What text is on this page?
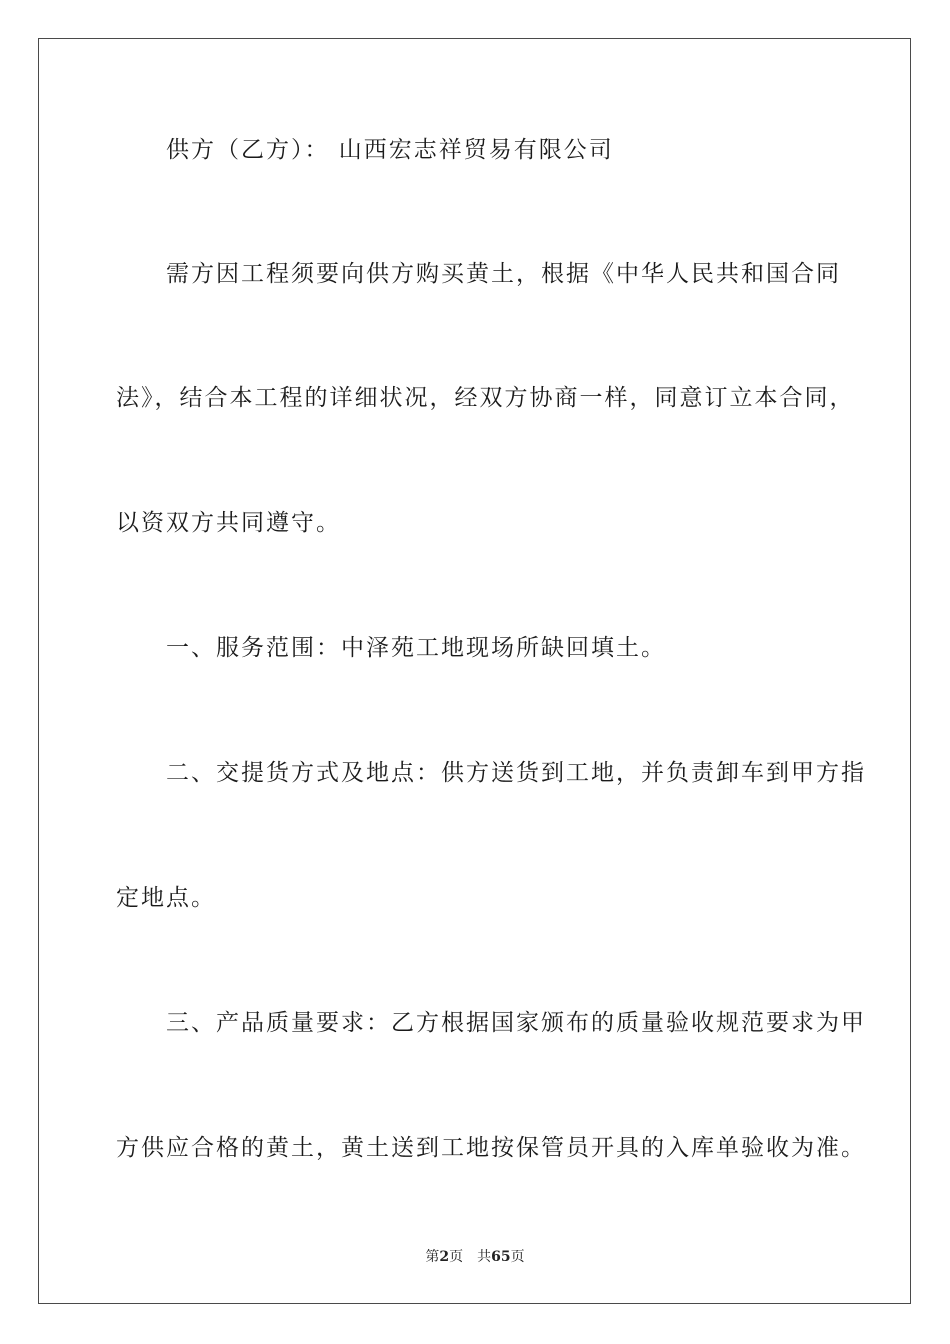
供方（乙方）： 山西宏志祥贸易有限公司
需方因工程须要向供方购买黄土，根据《中华人民共和国合同
法》，结合本工程的详细状况，经双方协商一样，同意订立本合同，
以资双方共同遵守。
一、服务范围：中泽苑工地现场所缺回填土。
二、交提货方式及地点：供方送货到工地，并负责卸车到甲方指
定地点。
三、产品质量要求：乙方根据国家颁布的质量验收规范要求为甲
方供应合格的黄土，黄土送到工地按保管员开具的入库单验收为准。
第2页 共65页
